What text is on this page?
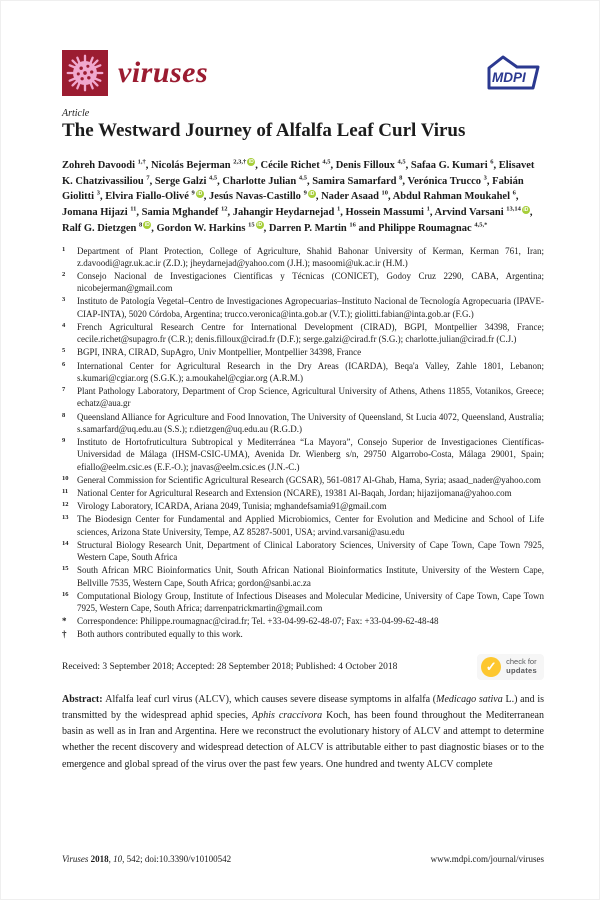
viruses	MDPI
Article
The Westward Journey of Alfalfa Leaf Curl Virus

Zohreh Davoodi $^{1,\dagger}$, Nicolás Bejerman $^{2,3,\dagger}$ iD , Cécile Richet $^{4,5}$, Denis Filloux $^{4,5}$, Safaa G. Kumari $^6$, Elisavet K. Chatzivassiliou $^7$, Serge Galzi $^{4,5}$, Charlotte Julian $^{4,5}$, Samira Samarfard $^8$, Verónica Trucco $^3$, Fabián Giolitti $^3$, Elvira Fiallo-Olivé $^9$ iD , Jesús Navas-Castillo $^9$ iD , Nader Asaad $^{10}$, Abdul Rahman Moukahel $^6$, Jomana Hijazi $^{11}$, Samia Mghandef $^{12}$, Jahangir Heydarnejad $^1$, Hossein Massumi $^1$, Arvind Varsani $^{13,14}$ iD , Ralf G. Dietzgen $^8$ iD , Gordon W. Harkins $^{15}$ iD , Darren P. Martin $^{16}$ and Philippe Roumagnac $^{4,5,*}$

1	Department of Plant Protection, College of Agriculture, Shahid Bahonar University of Kerman, Kerman 761, Iran; z.davoodi@agr.uk.ac.ir (Z.D.); jheydarnejad@yahoo.com (J.H.); masoomi@uk.ac.ir (H.M.)
2	Consejo Nacional de Investigaciones Científicas y Técnicas (CONICET), Godoy Cruz 2290, CABA, Argentina; nicobejerman@gmail.com
3	Instituto de Patología Vegetal–Centro de Investigaciones Agropecuarias–Instituto Nacional de Tecnología Agropecuaria (IPAVE-CIAP-INTA), 5020 Córdoba, Argentina; trucco.veronica@inta.gob.ar (V.T.); giolitti.fabian@inta.gob.ar (F.G.)
4	French Agricultural Research Centre for International Development (CIRAD), BGPI, Montpellier 34398, France; cecile.richet@supagro.fr (C.R.); denis.filloux@cirad.fr (D.F.); serge.galzi@cirad.fr (S.G.); charlotte.julian@cirad.fr (C.J.)
5	BGPI, INRA, CIRAD, SupAgro, Univ Montpellier, Montpellier 34398, France
6	International Center for Agricultural Research in the Dry Areas (ICARDA), Beqa'a Valley, Zahle 1801, Lebanon; s.kumari@cgiar.org (S.G.K.); a.moukahel@cgiar.org (A.R.M.)
7	Plant Pathology Laboratory, Department of Crop Science, Agricultural University of Athens, Athens 11855, Votanikos, Greece; echatz@aua.gr
8	Queensland Alliance for Agriculture and Food Innovation, The University of Queensland, St Lucia 4072, Queensland, Australia; s.samarfard@uq.edu.au (S.S.); r.dietzgen@uq.edu.au (R.G.D.)
9	Instituto de Hortofruticultura Subtropical y Mediterránea “La Mayora”, Consejo Superior de Investigaciones Científicas-Universidad de Málaga (IHSM-CSIC-UMA), Avenida Dr. Wienberg s/n, 29750 Algarrobo-Costa, Málaga 29001, Spain; efiallo@eelm.csic.es (E.F.-O.); jnavas@eelm.csic.es (J.N.-C.)
10 General Commission for Scientific Agricultural Research (GCSAR), 561-0817 Al-Ghab, Hama, Syria; asaad_nader@yahoo.com
11 National Center for Agricultural Research and Extension (NCARE), 19381 Al-Baqah, Jordan; hijazijomana@yahoo.com
12 Virology Laboratory, ICARDA, Ariana 2049, Tunisia; mghandefsamia91@gmail.com
13 The Biodesign Center for Fundamental and Applied Microbiomics, Center for Evolution and Medicine and School of Life sciences, Arizona State University, Tempe, AZ 85287-5001, USA; arvind.varsani@asu.edu
14 Structural Biology Research Unit, Department of Clinical Laboratory Sciences, University of Cape Town, Cape Town 7925, Western Cape, South Africa
15 South African MRC Bioinformatics Unit, South African National Bioinformatics Institute, University of the Western Cape, Bellville 7535, Western Cape, South Africa; gordon@sanbi.ac.za
16 Computational Biology Group, Institute of Infectious Diseases and Molecular Medicine, University of Cape Town, Cape Town 7925, Western Cape, South Africa; darrenpatrickmartin@gmail.com
*	Correspondence: Philippe.roumagnac@cirad.fr; Tel. +33-04-99-62-48-07; Fax: +33-04-99-62-48-48
†	Both authors contributed equally to this work.
Received: 3 September 2018; Accepted: 28 September 2018; Published: 4 October 2018	✓	check for
updates

Abstract: Alfalfa leaf curl virus (ALCV), which causes severe disease symptoms in alfalfa (Medicago sativa L.) and is transmitted by the widespread aphid species, Aphis craccivora Koch, has been found throughout the Mediterranean basin as well as in Iran and Argentina. Here we reconstruct the evolutionary history of ALCV and attempt to determine whether the recent discovery and widespread detection of ALCV is attributable either to past diagnostic biases or to the emergence and global spread of the virus over the past few years. One hundred and twenty ALCV complete

Viruses 2018, 10, 542; doi:10.3390/v10100542	www.mdpi.com/journal/viruses
